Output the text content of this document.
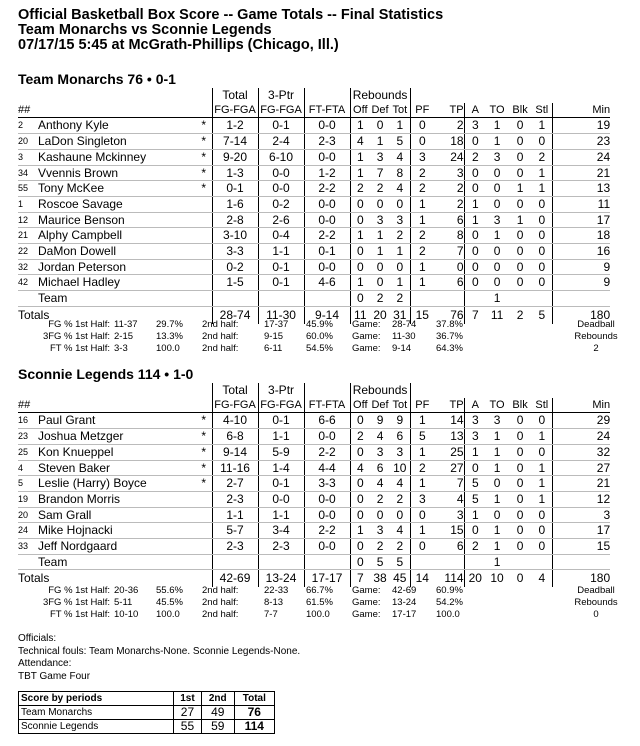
Official Basketball Box Score -- Game Totals -- Final Statistics
Team Monarchs vs Sconnie Legends
07/17/15 5:45 at McGrath-Phillips (Chicago, Ill.)
Team Monarchs 76 • 0-1
			Total	3-Ptr		Rebounds									
##			FG-FGA	FG-FGA	FT-FTA	Off	Def	Tot	PF	TP	A	TO	Blk	Stl	Min
2	Anthony Kyle	*	1-2	0-1	0-0	1	0	1	0	2	3	1	0	1	19
20	LaDon Singleton	*	7-14	2-4	2-3	4	1	5	0	18	0	1	0	0	23
3	Kashaune Mckinney	*	9-20	6-10	0-0	1	3	4	3	24	2	3	0	2	24
34	Vvennis Brown	*	1-3	0-0	1-2	1	7	8	2	3	0	0	0	1	21
55	Tony McKee	*	0-1	0-0	2-2	2	2	4	2	2	0	0	1	1	13
1	Roscoe Savage		1-6	0-2	0-0	0	0	0	1	2	1	0	0	0	11
12	Maurice Benson		2-8	2-6	0-0	0	3	3	1	6	1	3	1	0	17
21	Alphy Campbell		3-10	0-4	2-2	1	1	2	2	8	0	1	0	0	18
22	DaMon Dowell		3-3	1-1	0-1	0	1	1	2	7	0	0	0	0	16
32	Jordan Peterson		0-2	0-1	0-0	0	0	0	1	0	0	0	0	0	9
42	Michael Hadley		1-5	0-1	4-6	1	0	1	1	6	0	0	0	0	9
	Team					0	2	2				1			
Totals			28-74	11-30	9-14	11	20	31	15	76	7	11	2	5	180
FG % 1st Half:	11-37	29.7%	2nd half:	17-37	45.9%	Game:	28-74	37.8%
3FG % 1st Half:	2-15	13.3%	2nd half:	9-15	60.0%	Game:	11-30	36.7%
FT % 1st Half:	3-3	100.0	2nd half:	6-11	54.5%	Game:	9-14	64.3%
Deadball
Rebounds
2
Sconnie Legends 114 • 1-0
			Total	3-Ptr		Rebounds									
##			FG-FGA	FG-FGA	FT-FTA	Off	Def	Tot	PF	TP	A	TO	Blk	Stl	Min
16	Paul Grant	*	4-10	0-1	6-6	0	9	9	1	14	3	3	0	0	29
23	Joshua Metzger	*	6-8	1-1	0-0	2	4	6	5	13	3	1	0	1	24
25	Kon Knueppel	*	9-14	5-9	2-2	0	3	3	1	25	1	1	0	0	32
4	Steven Baker	*	11-16	1-4	4-4	4	6	10	2	27	0	1	0	1	27
5	Leslie (Harry) Boyce	*	2-7	0-1	3-3	0	4	4	1	7	5	0	0	1	21
19	Brandon Morris		2-3	0-0	0-0	0	2	2	3	4	5	1	0	1	12
20	Sam Grall		1-1	1-1	0-0	0	0	0	0	3	1	0	0	0	3
24	Mike Hojnacki		5-7	3-4	2-2	1	3	4	1	15	0	1	0	0	17
33	Jeff Nordgaard		2-3	2-3	0-0	0	2	2	0	6	2	1	0	0	15
	Team					0	5	5				1			
Totals			42-69	13-24	17-17	7	38	45	14	114	20	10	0	4	180
FG % 1st Half:	20-36	55.6%	2nd half:	22-33	66.7%	Game:	42-69	60.9%
3FG % 1st Half:	5-11	45.5%	2nd half:	8-13	61.5%	Game:	13-24	54.2%
FT % 1st Half:	10-10	100.0	2nd half:	7-7	100.0	Game:	17-17	100.0
Deadball
Rebounds
0
Officials:
Technical fouls: Team Monarchs-None. Sconnie Legends-None.
Attendance:
TBT Game Four
Score by periods	1st	2nd	Total
Team Monarchs	27	49	76
Sconnie Legends	55	59	114
